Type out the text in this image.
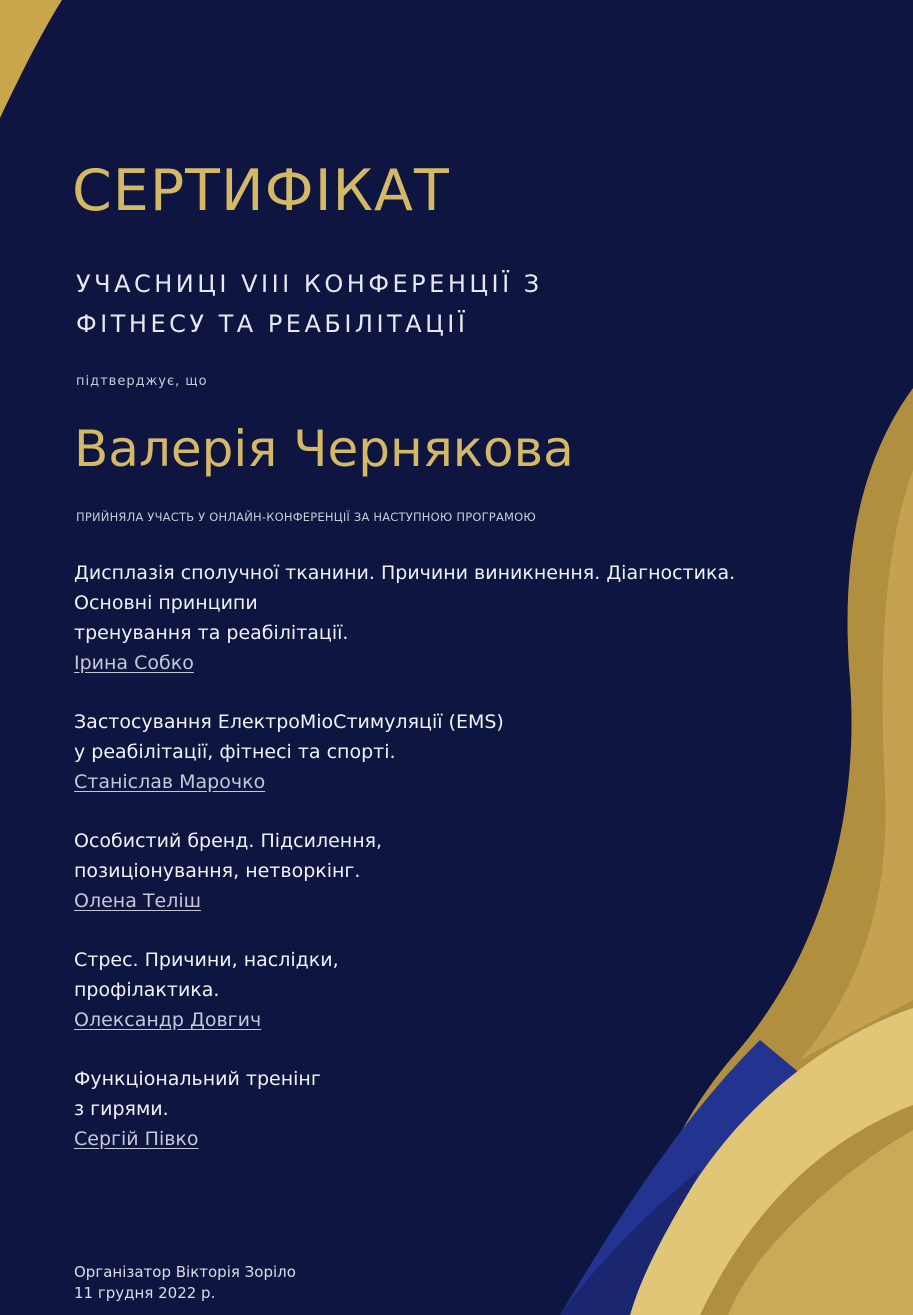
СЕРТИФІКАТ

УЧАСНИЦІ VIII КОНФЕРЕНЦІЇ З
ФІТНЕСУ ТА РЕАБІЛІТАЦІЇ

підтверджує, що
Валерія Чернякова
ПРИЙНЯЛА УЧАСТЬ У ОНЛАЙН-КОНФЕРЕНЦІЇ ЗА НАСТУПНОЮ ПРОГРАМОЮ
Дисплазія сполучної тканини. Причини виникнення. Діагностика. Основні принципи
тренування та реабілітації.
Ірина Собко
Застосування ЕлектроМіоСтимуляції (EMS)
у реабілітації, фітнесі та спорті.
Станіслав Марочко
Особистий бренд. Підсилення,
позиціонування, нетворкінг.
Олена Теліш
Стрес. Причини, наслідки,
профілактика.
Олександр Довгич
Функціональний тренінг
з гирями.
Сергій Півко
Організатор Вікторія Зоріло
11 грудня 2022 р.
